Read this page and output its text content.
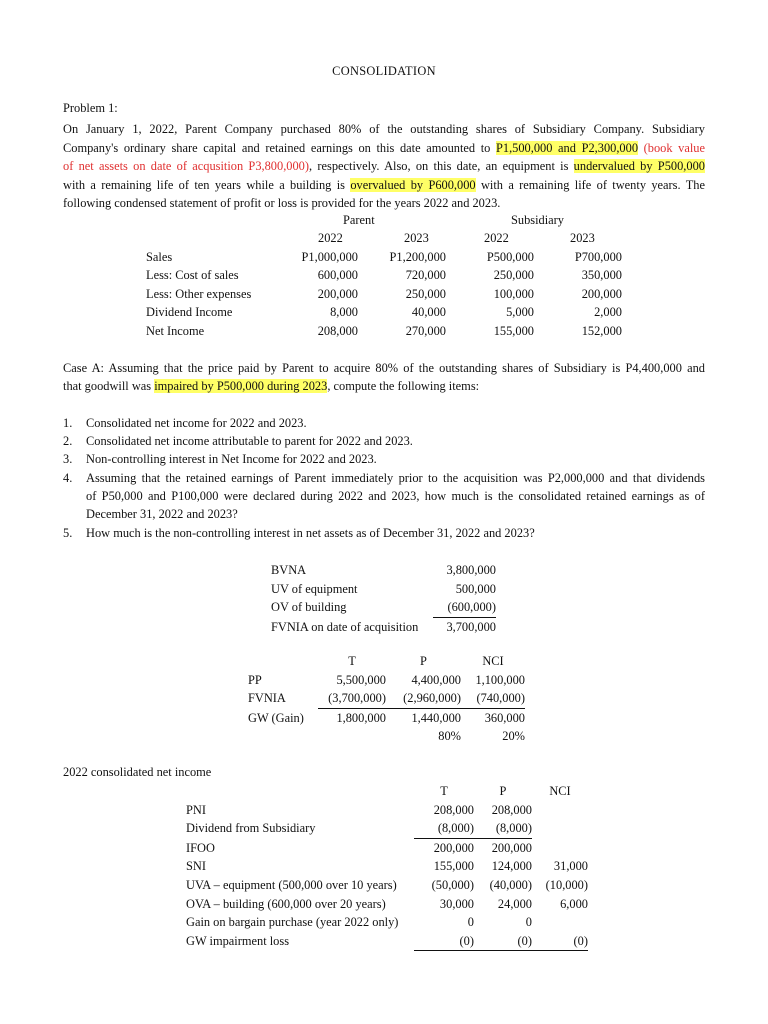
CONSOLIDATION
Problem 1:
On January 1, 2022, Parent Company purchased 80% of the outstanding shares of Subsidiary Company. Subsidiary
Company's ordinary share capital and retained earnings on this date amounted to P1,500,000 and P2,300,000 (book value
of net assets on date of acqusition P3,800,000), respectively. Also, on this date, an equipment is undervalued by P500,000
with a remaining life of ten years while a building is overvalued by P600,000 with a remaining life of twenty years. The
following condensed statement of profit or loss is provided for the years 2022 and 2023.
Parent	Subsidiary
	2022	2023	2022	2023
Sales	P1,000,000	P1,200,000	P500,000	P700,000
Less: Cost of sales	600,000	720,000	250,000	350,000
Less: Other expenses	200,000	250,000	100,000	200,000
Dividend Income	8,000	40,000	5,000	2,000
Net Income	208,000	270,000	155,000	152,000
Case A: Assuming that the price paid by Parent to acquire 80% of the outstanding shares of Subsidiary is P4,400,000 and
that goodwill was impaired by P500,000 during 2023, compute the following items:
1. Consolidated net income for 2022 and 2023.
2. Consolidated net income attributable to parent for 2022 and 2023.
3. Non-controlling interest in Net Income for 2022 and 2023.
4. Assuming that the retained earnings of Parent immediately prior to the acquisition was P2,000,000 and that dividends
of P50,000 and P100,000 were declared during 2022 and 2023, how much is the consolidated retained earnings as of
December 31, 2022 and 2023?
5. How much is the non-controlling interest in net assets as of December 31, 2022 and 2023?
BVNA	3,800,000
UV of equipment	500,000
OV of building	(600,000)
FVNIA on date of acquisition	3,700,000
	T	P	NCI
PP	5,500,000	4,400,000	1,100,000
FVNIA	(3,700,000)	(2,960,000)	(740,000)
GW (Gain)	1,800,000	1,440,000	360,000
		80%	20%
2022 consolidated net income
	T	P	NCI
PNI	208,000	208,000	
Dividend from Subsidiary	(8,000)	(8,000)	
IFOO	200,000	200,000	
SNI	155,000	124,000	31,000
UVA – equipment (500,000 over 10 years)	(50,000)	(40,000)	(10,000)
OVA – building (600,000 over 20 years)	30,000	24,000	6,000
Gain on bargain purchase (year 2022 only)	0	0	
GW impairment loss	(0)	(0)	(0)
